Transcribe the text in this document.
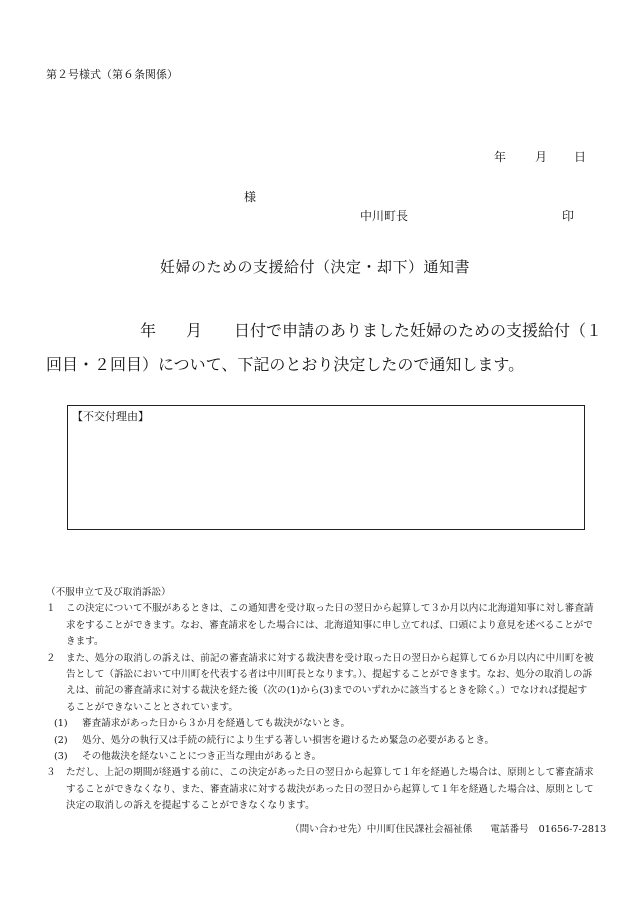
第２号様式（第６条関係）
年 月 日
様
中川町長	印
妊婦のための支援給付（決定・却下）通知書
年 月 日付で申請のありました妊婦のための支援給付（１
回目・２回目）について、下記のとおり決定したので通知します。
【不交付理由】
（不服申立て及び取消訴訟）
１	この決定について不服があるときは、この通知書を受け取った日の翌日から起算して３か月以内に北海道知事に対し審査請求をすることができます。なお、審査請求をした場合には、北海道知事に申し立てれば、口頭により意見を述べることができます。
２	また、処分の取消しの訴えは、前記の審査請求に対する裁決書を受け取った日の翌日から起算して６か月以内に中川町を被告として（訴訟において中川町を代表する者は中川町長となります。）、提起することができます。なお、処分の取消しの訴えは、前記の審査請求に対する裁決を経た後（次の(1)から(3)までのいずれかに該当するときを除く。）でなければ提起することができないこととされています。
(1)	審査請求があった日から３か月を経過しても裁決がないとき。
(2)	処分、処分の執行又は手続の続行により生ずる著しい損害を避けるため緊急の必要があるとき。
(3)	その他裁決を経ないことにつき正当な理由があるとき。
３	ただし、上記の期間が経過する前に、この決定があった日の翌日から起算して１年を経過した場合は、原則として審査請求することができなくなり、また、審査請求に対する裁決があった日の翌日から起算して１年を経過した場合は、原則として決定の取消しの訴えを提起することができなくなります。
（問い合わせ先）中川町住民課社会福祉係 電話番号 01656-7-2813
